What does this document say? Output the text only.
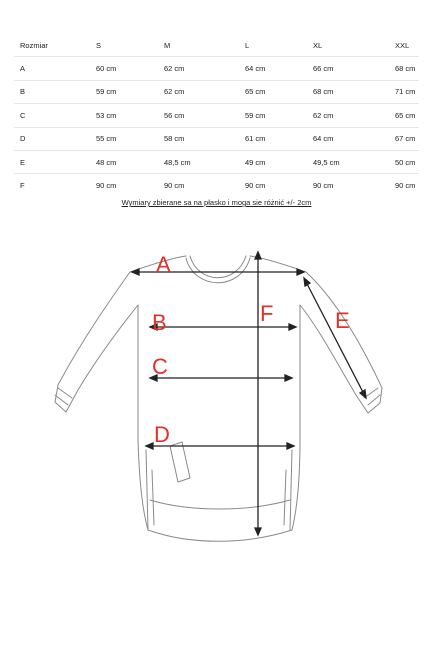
Rozmiar	S	M	L	XL	XXL
A	60 cm	62 cm	64 cm	66 cm	68 cm
B	59 cm	62 cm	65 cm	68 cm	71 cm
C	53 cm	56 cm	59 cm	62 cm	65 cm
D	55 cm	58 cm	61 cm	64 cm	67 cm
E	48 cm	48,5 cm	49 cm	49,5 cm	50 cm
F	90 cm	90 cm	90 cm	90 cm	90 cm
Wymiary zbierane sa na płasko i moga sie różnić +/- 2cm
A
B
C
D
F	E
